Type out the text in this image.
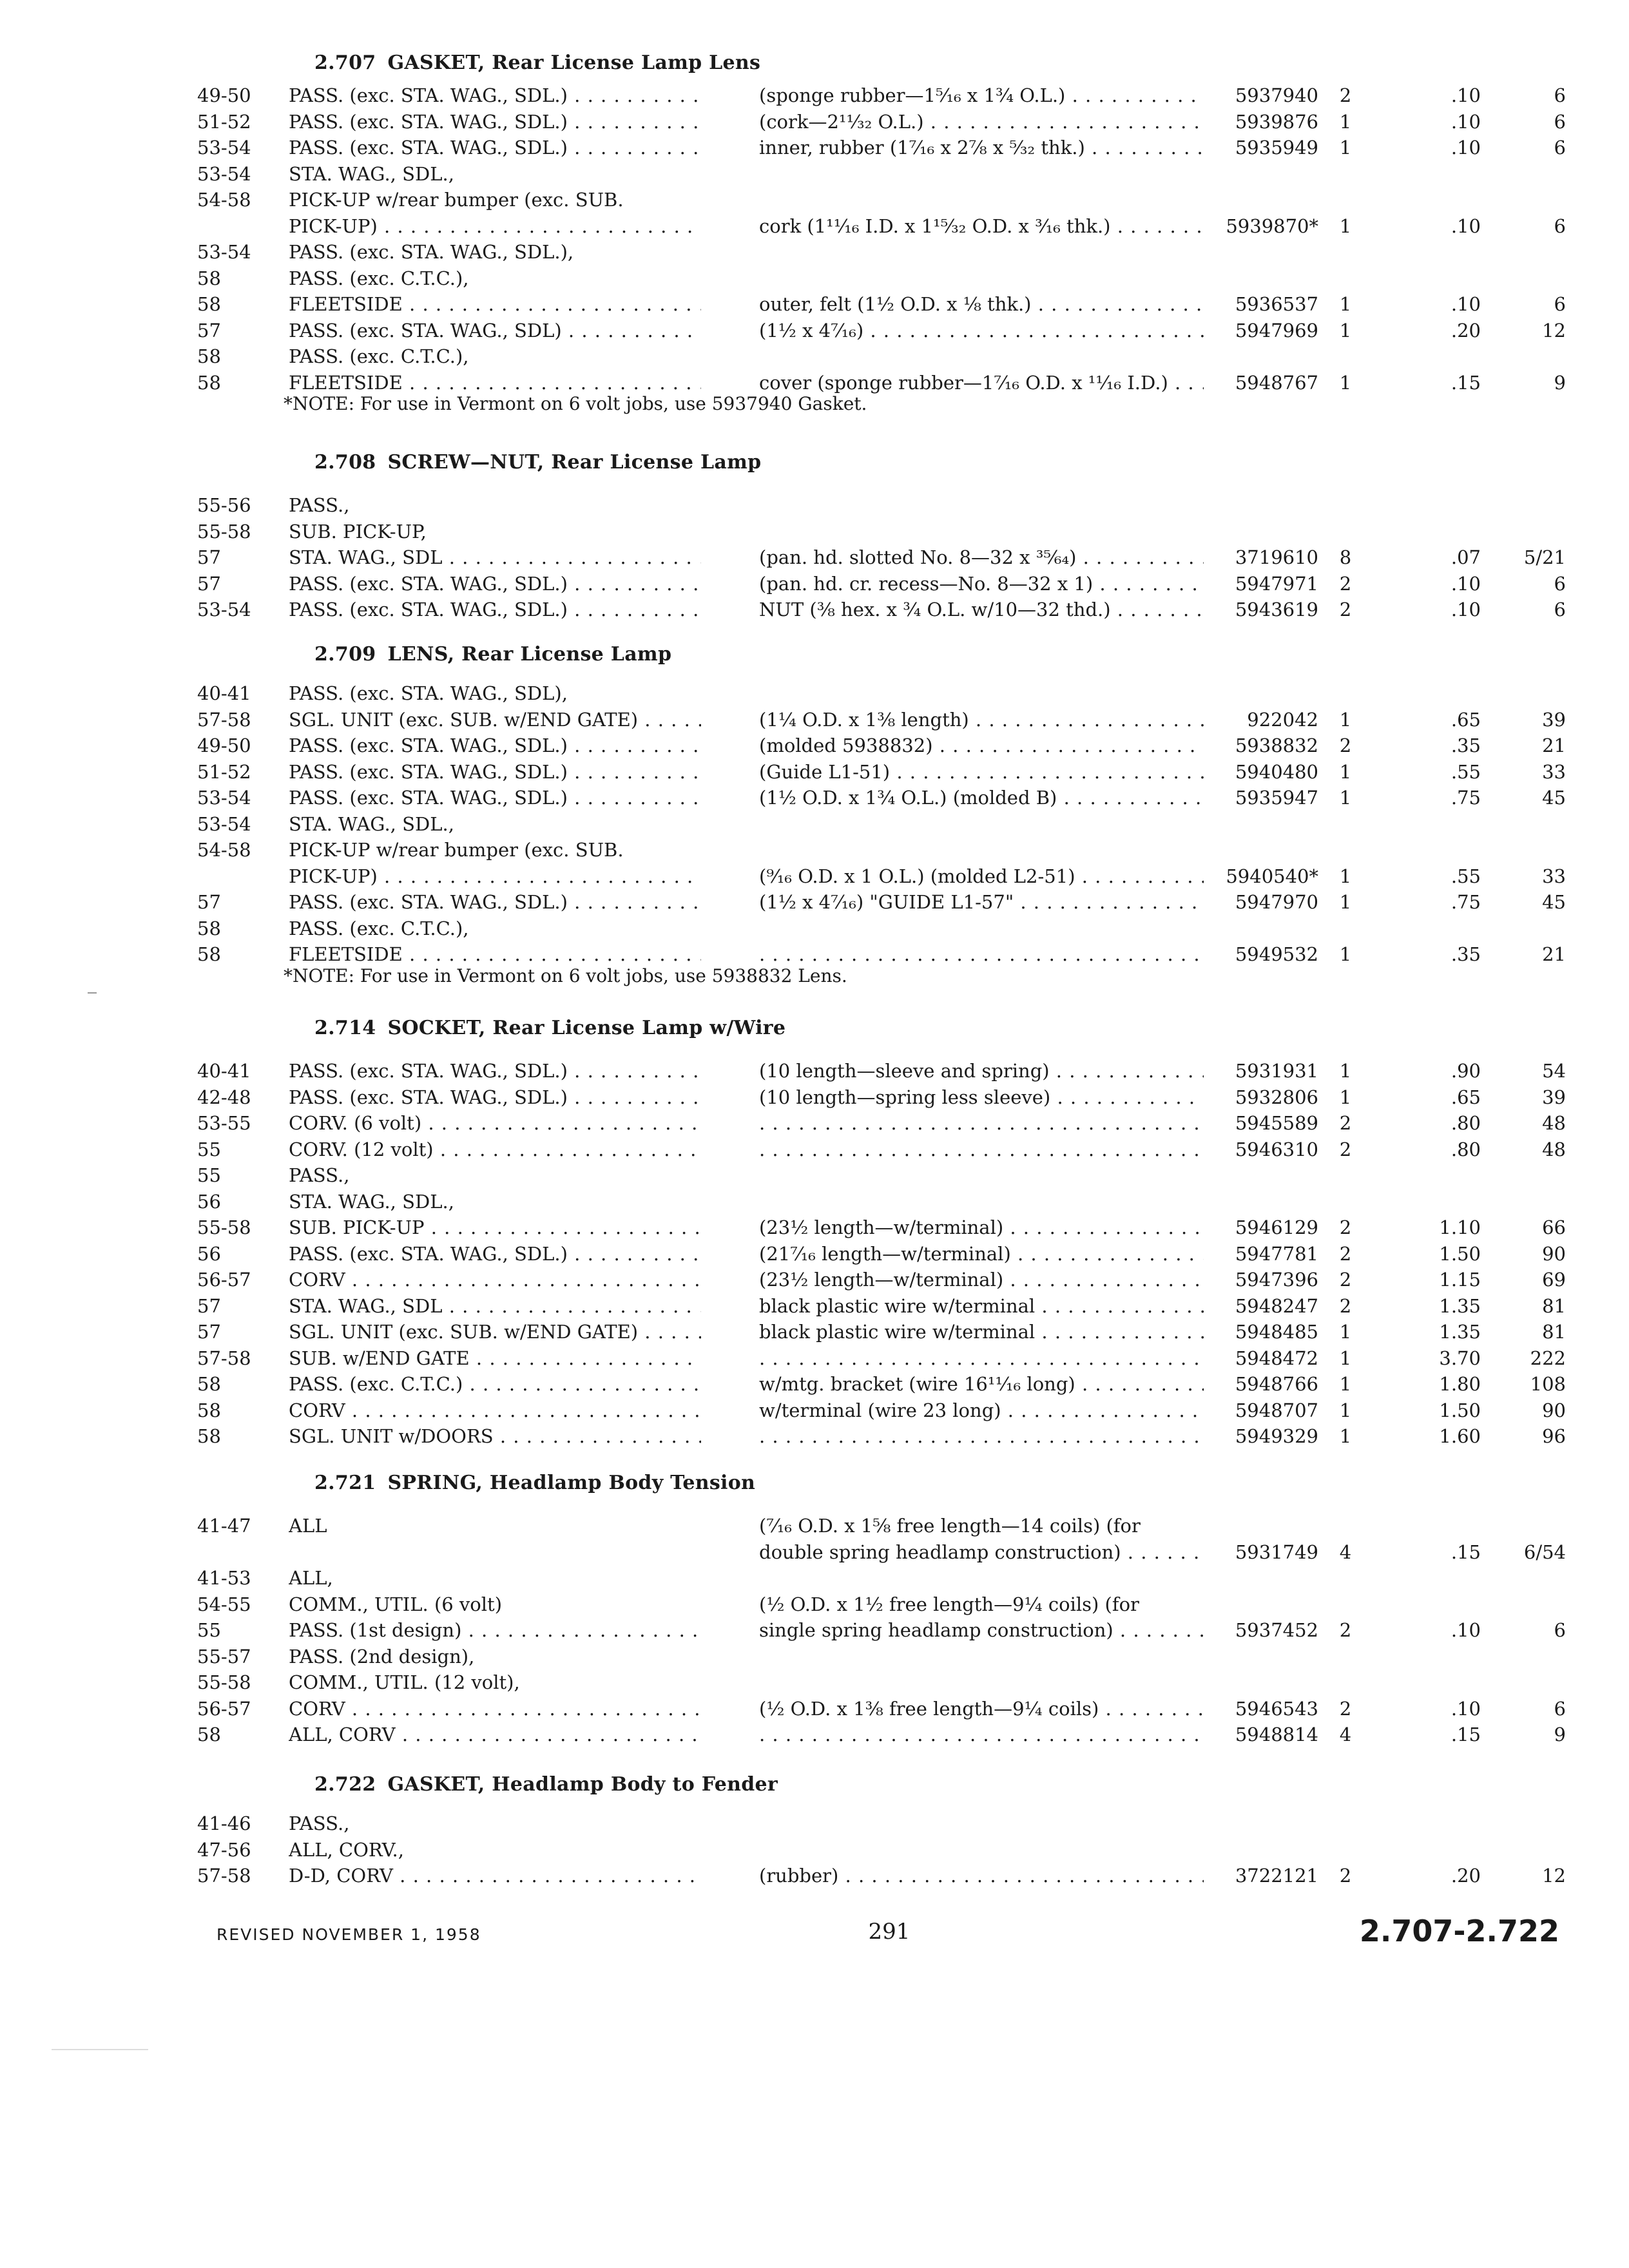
2.707 GASKET, Rear License Lamp Lens
49-50 PASS. (exc. STA. WAG., SDL.) . . .	(sponge rubber—1⁵⁄₁₆ x 1¾ O.L.) . . .	5937940	2	.10	6
51-52 PASS. (exc. STA. WAG., SDL.) . . .	(cork—2¹¹⁄₃₂ O.L.) . . .	5939876	1	.10	6
53-54 PASS. (exc. STA. WAG., SDL.) . . .	inner, rubber (1⁷⁄₁₆ x 2⅞ x ⁵⁄₃₂ thk.) . . .	5935949	1	.10	6
53-54 STA. WAG., SDL.,
54-58 PICK-UP w/rear bumper (exc. SUB.
PICK-UP) . . .	cork (1¹¹⁄₁₆ I.D. x 1¹⁵⁄₃₂ O.D. x ³⁄₁₆ thk.) . . .	5939870*	1	.10	6
53-54 PASS. (exc. STA. WAG., SDL.),
58	PASS. (exc. C.T.C.),
58	FLEETSIDE . . .	outer, felt (1½ O.D. x ⅛ thk.) . . .	5936537	1	.10	6
57	PASS. (exc. STA. WAG., SDL) . . .	(1½ x 4⁷⁄₁₆) . . .	5947969	1	.20	12
58	PASS. (exc. C.T.C.),
58	FLEETSIDE . . .	cover (sponge rubber—1⁷⁄₁₆ O.D. x ¹¹⁄₁₆ I.D.) . . .	5948767	1	.15	9
*NOTE: For use in Vermont on 6 volt jobs, use 5937940 Gasket.
2.708 SCREW—NUT, Rear License Lamp
55-56 PASS.,
55-58 SUB. PICK-UP,
57	STA. WAG., SDL . . .	(pan. hd. slotted No. 8—32 x ³⁵⁄₆₄) . . .	3719610	8	.07	5/21
57	PASS. (exc. STA. WAG., SDL.) . . .	(pan. hd. cr. recess—No. 8—32 x 1) . . .	5947971	2	.10	6
53-54 PASS. (exc. STA. WAG., SDL.) . . .	NUT (⅜ hex. x ¾ O.L. w/10—32 thd.) . . .	5943619	2	.10	6
2.709 LENS, Rear License Lamp
40-41 PASS. (exc. STA. WAG., SDL),
57-58 SGL. UNIT (exc. SUB. w/END GATE) . . .	(1¼ O.D. x 1⅜ length) . . .	922042	1	.65	39
49-50 PASS. (exc. STA. WAG., SDL.) . . .	(molded 5938832) . . .	5938832	2	.35	21
51-52 PASS. (exc. STA. WAG., SDL.) . . .	(Guide L1-51) . . .	5940480	1	.55	33
53-54 PASS. (exc. STA. WAG., SDL.) . . .	(1½ O.D. x 1¾ O.L.) (molded B) . . .	5935947	1	.75	45
53-54 STA. WAG., SDL.,
54-58 PICK-UP w/rear bumper (exc. SUB.
PICK-UP) . . .	(⁹⁄₁₆ O.D. x 1 O.L.) (molded L2-51) . . .	5940540*	1	.55	33
57	PASS. (exc. STA. WAG., SDL.) . . .	(1½ x 4⁷⁄₁₆) "GUIDE L1-57" . . .	5947970	1	.75	45
58	PASS. (exc. C.T.C.),
58	FLEETSIDE . . . . . .	5949532	1	.35	21
*NOTE: For use in Vermont on 6 volt jobs, use 5938832 Lens.
2.714 SOCKET, Rear License Lamp w/Wire
40-41 PASS. (exc. STA. WAG., SDL.) . . .	(10 length—sleeve and spring) . . .	5931931	1	.90	54
42-48 PASS. (exc. STA. WAG., SDL.) . . .	(10 length—spring less sleeve) . . .	5932806	1	.65	39
53-55 CORV. (6 volt) . . . . . .	5945589	2	.80	48
55	CORV. (12 volt) . . . . . .	5946310	2	.80	48
55	PASS.,
56	STA. WAG., SDL.,
55-58 SUB. PICK-UP . . .	(23½ length—w/terminal) . . .	5946129	2	1.10	66
56	PASS. (exc. STA. WAG., SDL.) . . .	(21⁷⁄₁₆ length—w/terminal) . . .	5947781	2	1.50	90
56-57 CORV . . .	(23½ length—w/terminal) . . .	5947396	2	1.15	69
57	STA. WAG., SDL . . .	black plastic wire w/terminal . . .	5948247	2	1.35	81
57	SGL. UNIT (exc. SUB. w/END GATE) . . .	black plastic wire w/terminal . . .	5948485	1	1.35	81
57-58 SUB. w/END GATE . . . . . .	5948472	1	3.70	222
58	PASS. (exc. C.T.C.) . . .	w/mtg. bracket (wire 16¹¹⁄₁₆ long) . . .	5948766	1	1.80	108
58	CORV . . .	w/terminal (wire 23 long) . . .	5948707	1	1.50	90
58	SGL. UNIT w/DOORS . . . . . .	5949329	1	1.60	96
2.721 SPRING, Headlamp Body Tension
41-47 ALL	(⁷⁄₁₆ O.D. x 1⅝ free length—14 coils) (for
double spring headlamp construction) . . .	5931749	4	.15	6/54
41-53 ALL,
54-55 COMM., UTIL. (6 volt)	(½ O.D. x 1½ free length—9¼ coils) (for
55	PASS. (1st design) . . .	single spring headlamp construction) . . .	5937452	2	.10	6
55-57 PASS. (2nd design),
55-58 COMM., UTIL. (12 volt),
56-57 CORV . . .	(½ O.D. x 1⅜ free length—9¼ coils) . . .	5946543	2	.10	6
58	ALL, CORV . . . . . .	5948814	4	.15	9
2.722 GASKET, Headlamp Body to Fender
41-46 PASS.,
47-56 ALL, CORV.,
57-58 D-D, CORV . . .	(rubber) . . .	3722121	2	.20	12
REVISED NOVEMBER 1, 1958	291	2.707-2.722
